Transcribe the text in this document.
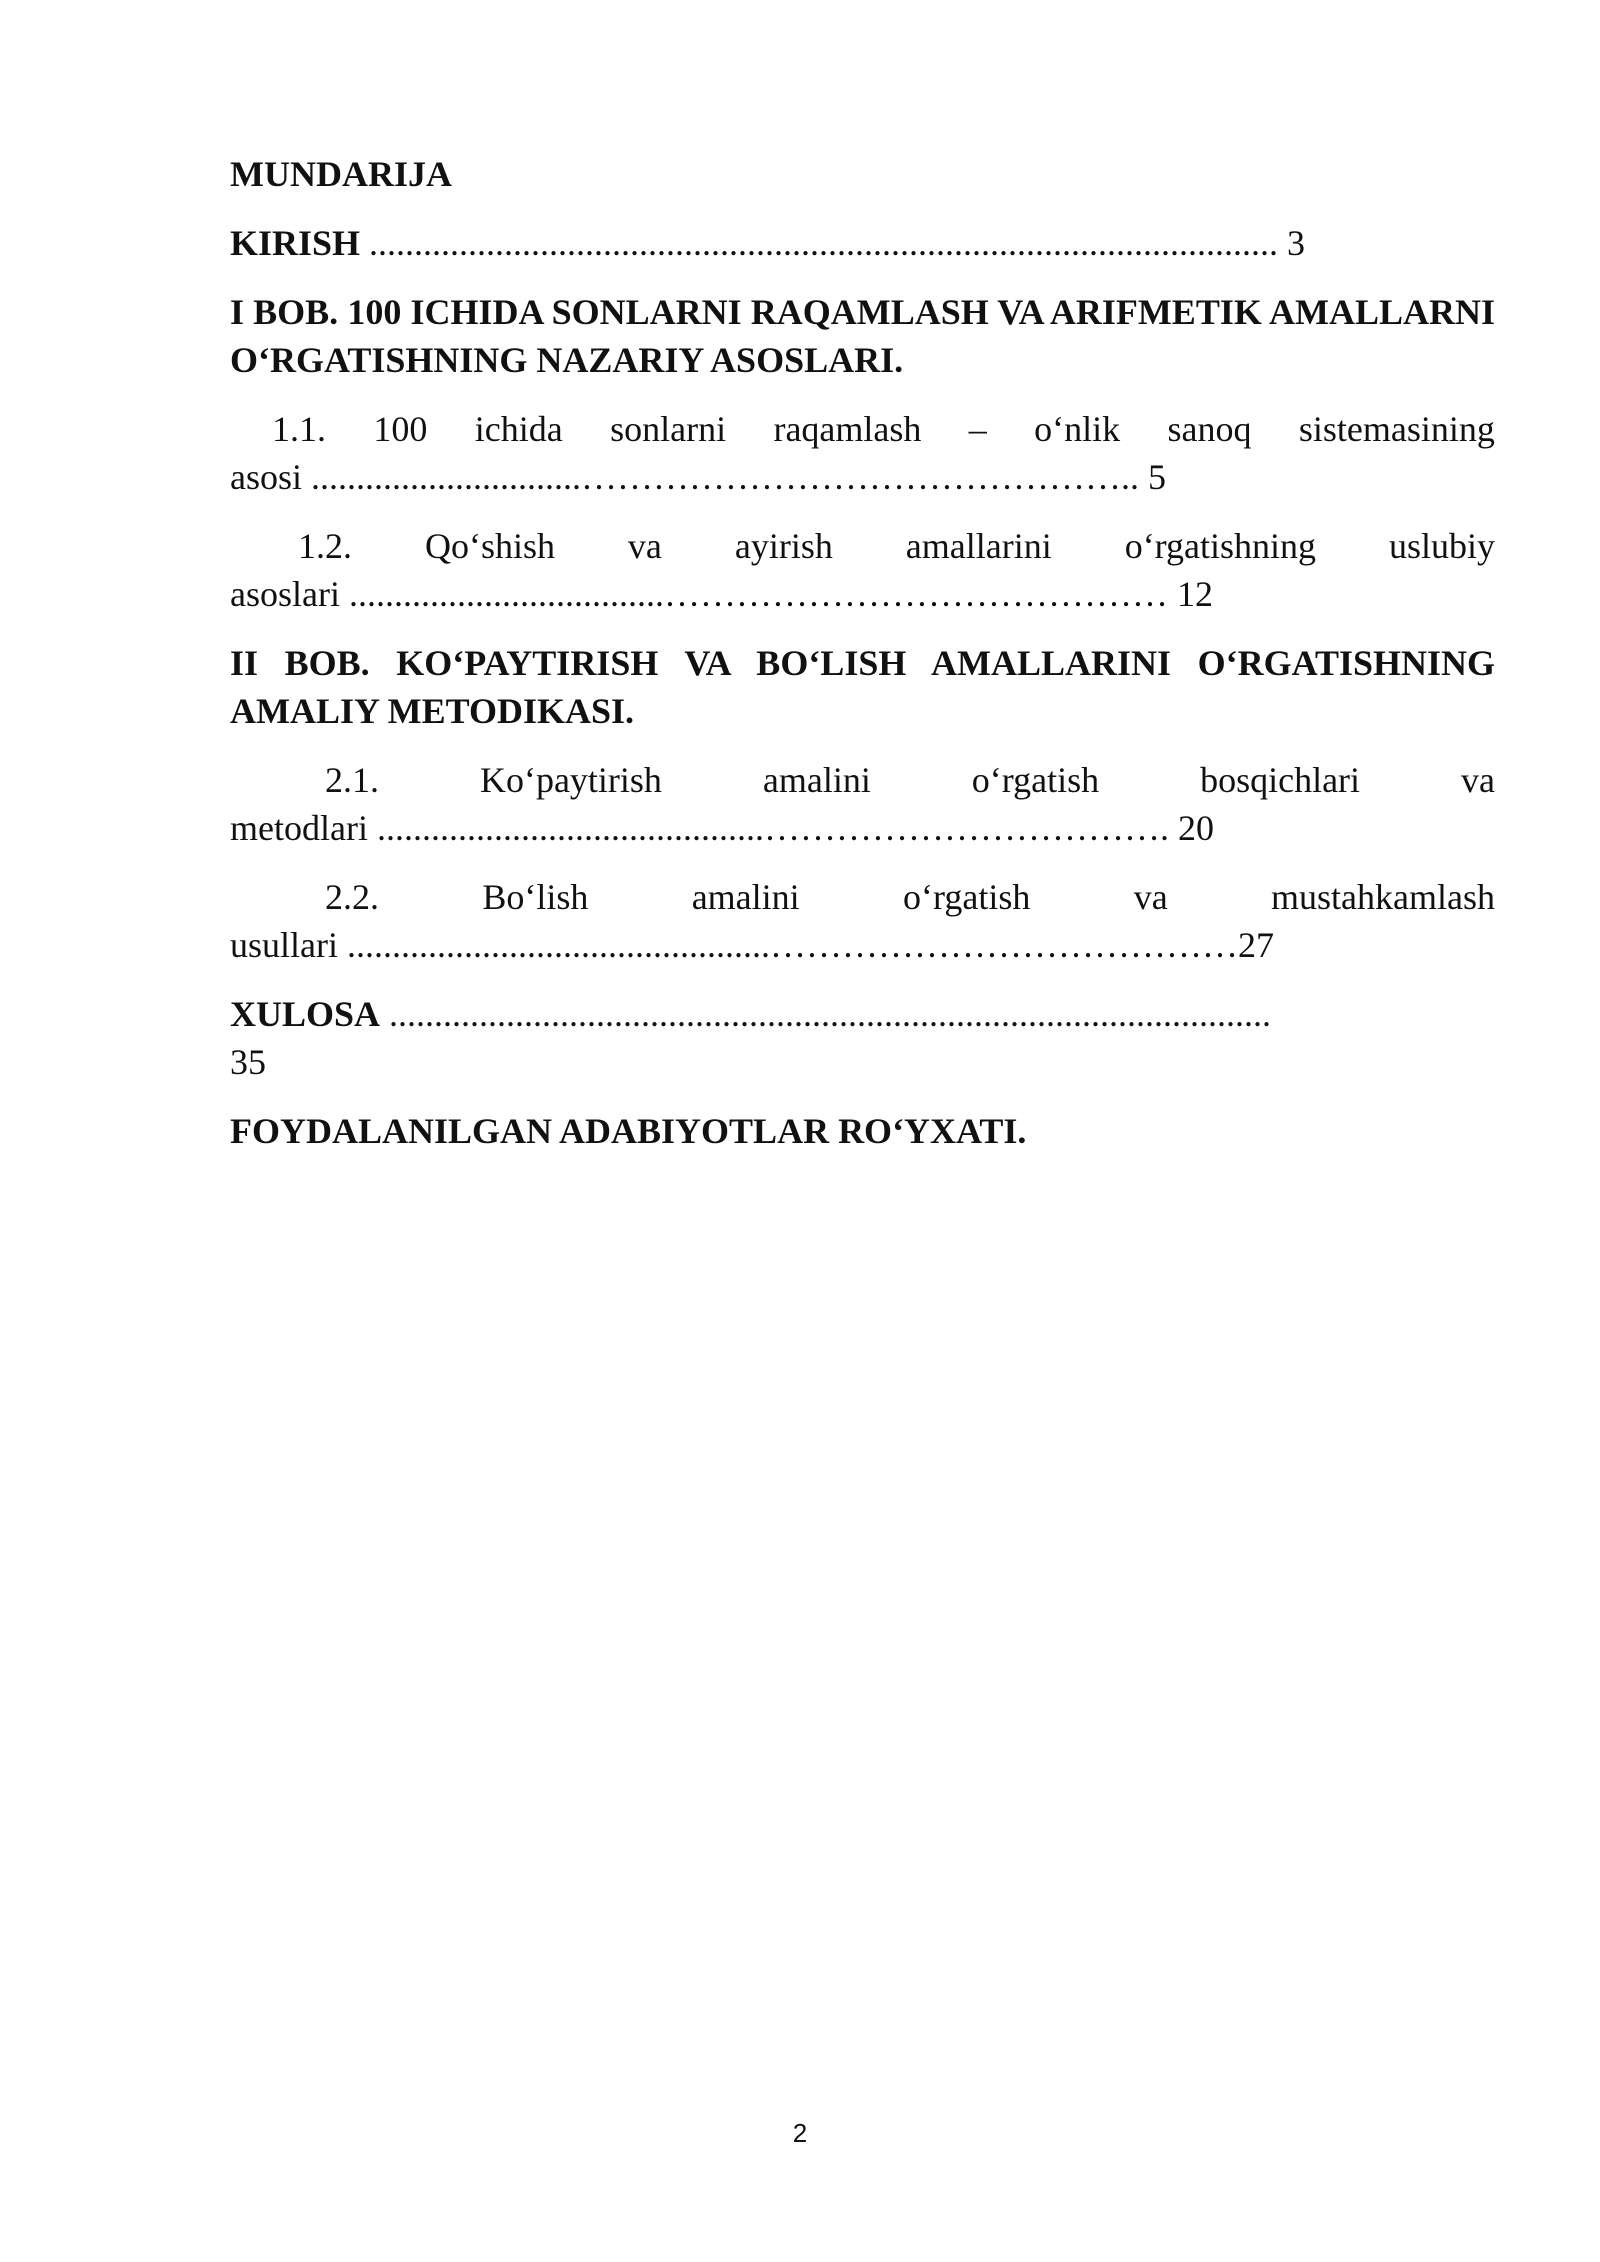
MUNDARIJA
KIRISH ..................................................................................................... 3
I BOB. 100 ICHIDA SONLARNI RAQAMLASH VA ARIFMETIK AMALLARNI O‘RGATISHNING NAZARIY ASOSLARI.
1.1. 100 ichida sonlarni raqamlash – o‘nlik sanoq sistemasining
asosi ..............................……………………………………….. 5
1.2. Qo‘shish va ayirish amallarini o‘rgatishning uslubiy
asoslari ...................................…………………………………… 12
II BOB. KO‘PAYTIRISH VA BO‘LISH AMALLARINI O‘RGATISHNING AMALIY METODIKASI.
2.1.	Ko‘paytirish	amalini	o‘rgatish	bosqichlari	va
metodlari ...........................................……………………………. 20
2.2.	Bo‘lish	amalini	o‘rgatish	va	mustahkamlash
usullari ...............................................…………………………………27
XULOSA ..................................................................................................
35
FOYDALANILGAN ADABIYOTLAR RO‘YXATI.
2
